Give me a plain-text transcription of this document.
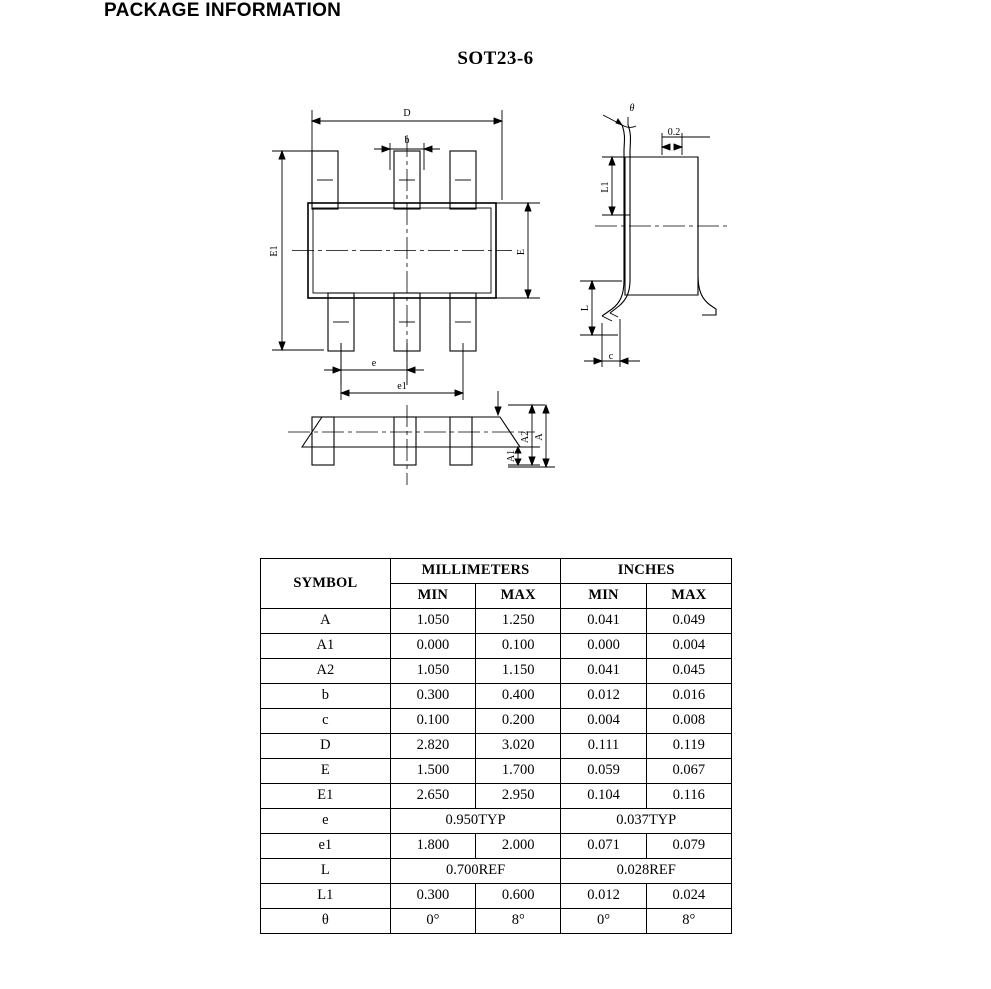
PACKAGE INFORMATION
SOT23-6
D
b
E1	E
e
e1
θ
0.2
L1
L
c
A1
A2 A
SYMBOL	MILLIMETERS		INCHES	
	MIN	MAX	MIN	MAX
A	1.050	1.250	0.041	0.049
A1	0.000	0.100	0.000	0.004
A2	1.050	1.150	0.041	0.045
b	0.300	0.400	0.012	0.016
c	0.100	0.200	0.004	0.008
D	2.820	3.020	0.111	0.119
E	1.500	1.700	0.059	0.067
E1	2.650	2.950	0.104	0.116
e	0.950TYP		0.037TYP	
e1	1.800	2.000	0.071	0.079
L	0.700REF		0.028REF	
L1	0.300	0.600	0.012	0.024
θ	0°	8°	0°	8°
